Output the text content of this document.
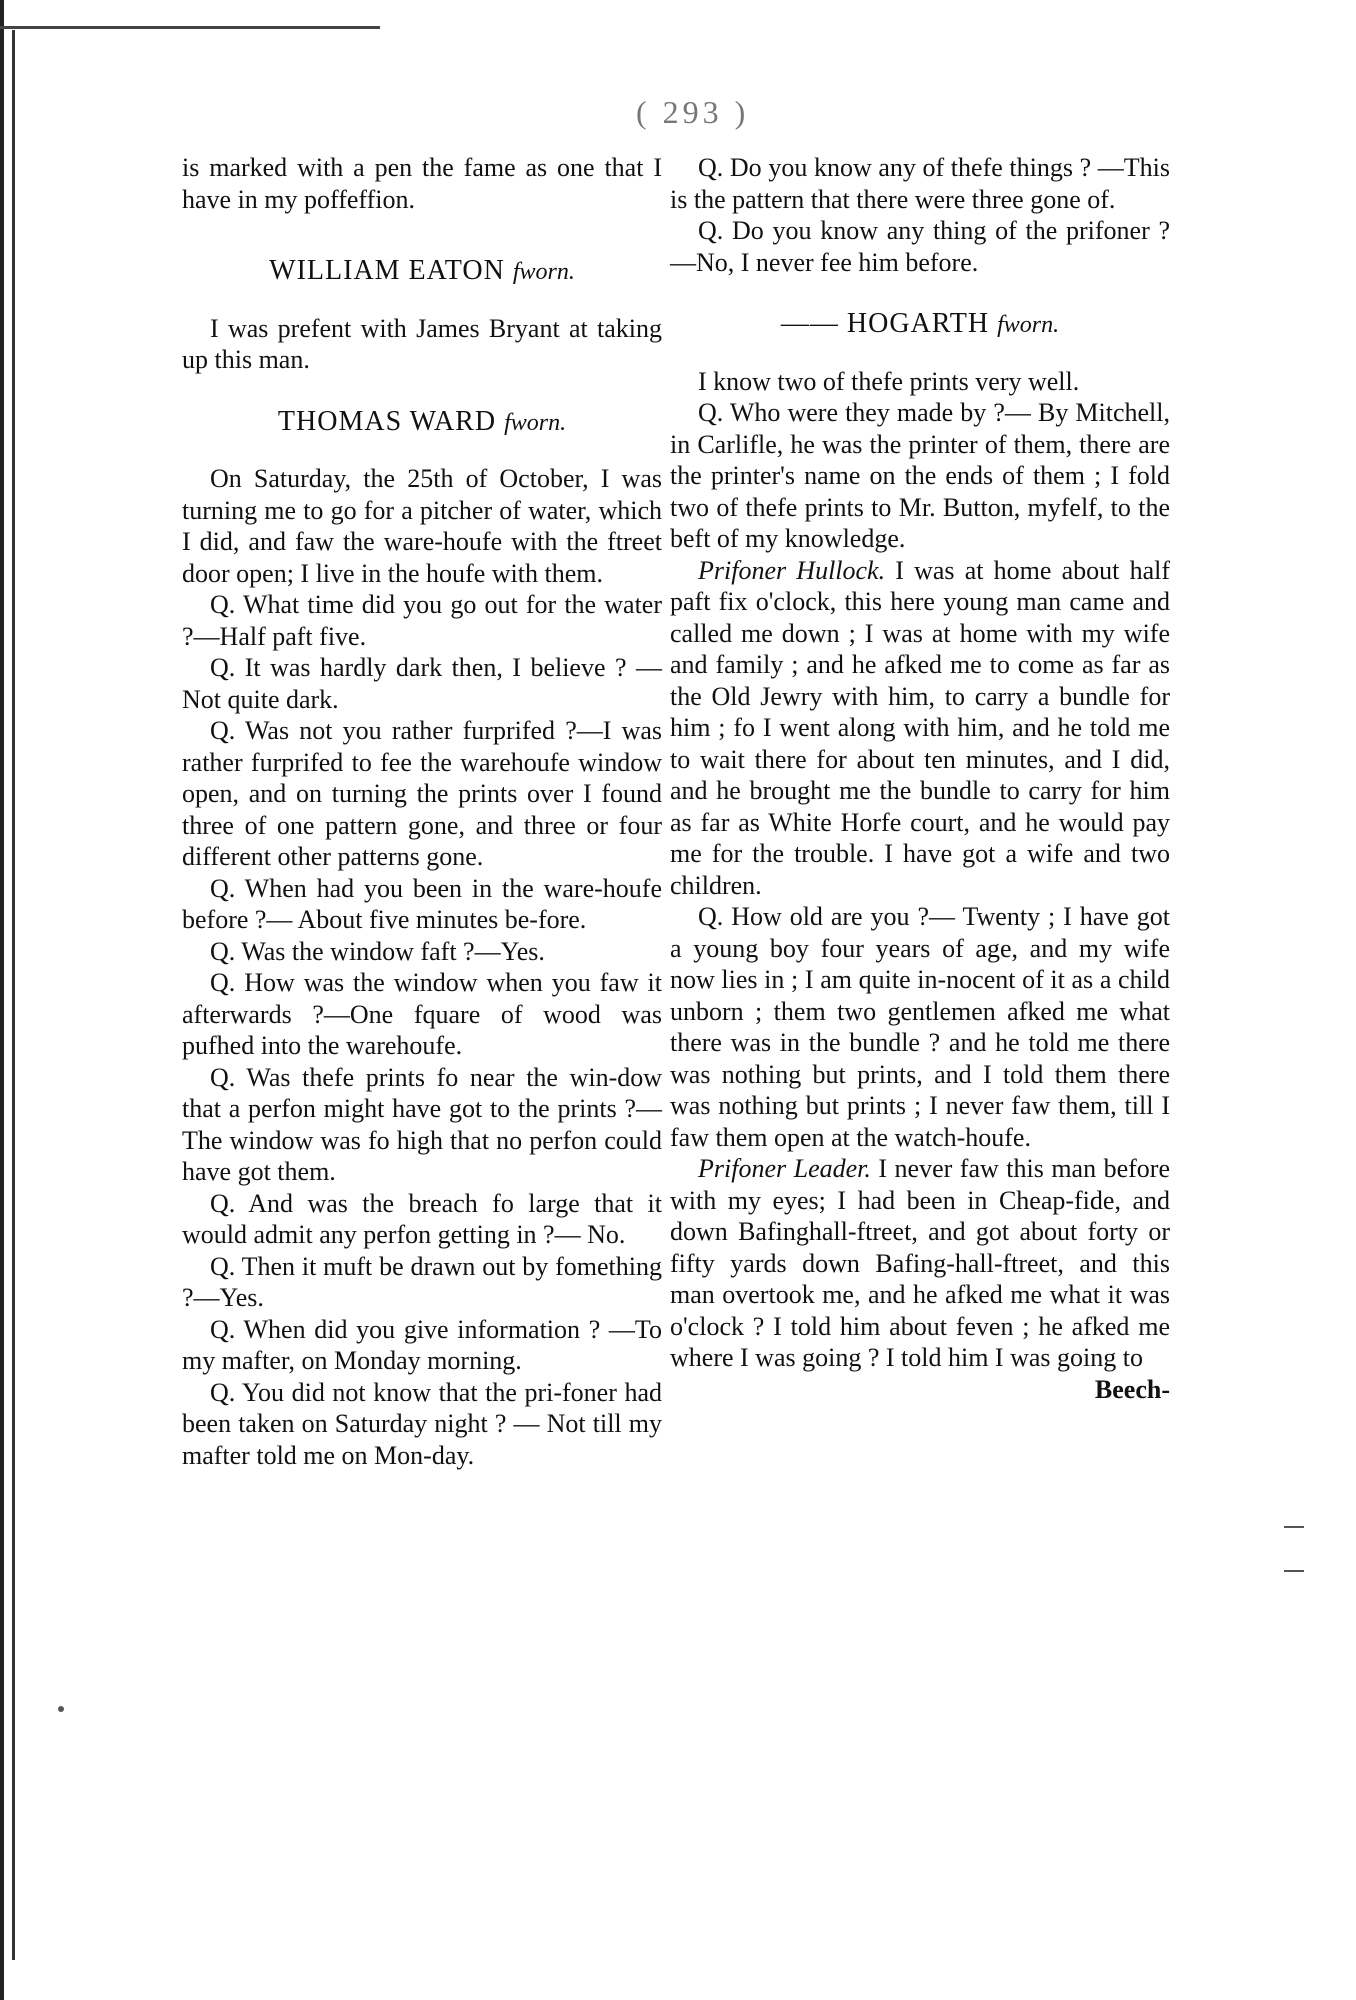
( 293 )

is marked with a pen the fame as one that I have in my poffeffion.

WILLIAM EATON fworn.

I was prefent with James Bryant at taking up this man.

THOMAS WARD fworn.

On Saturday, the 25th of October, I was turning me to go for a pitcher of water, which I did, and faw the ware-houfe with the ftreet door open; I live in the houfe with them.

Q. What time did you go out for the water ?—Half paft five.

Q. It was hardly dark then, I believe ? —Not quite dark.

Q. Was not you rather furprifed ?—I was rather furprifed to fee the warehoufe window open, and on turning the prints over I found three of one pattern gone, and three or four different other patterns gone.

Q. When had you been in the ware-houfe before ?— About five minutes be-fore.

Q. Was the window faft ?—Yes.

Q. How was the window when you faw it afterwards ?—One fquare of wood was pufhed into the warehoufe.

Q. Was thefe prints fo near the win-dow that a perfon might have got to the prints ?— The window was fo high that no perfon could have got them.

Q. And was the breach fo large that it would admit any perfon getting in ?— No.

Q. Then it muft be drawn out by fomething ?—Yes.

Q. When did you give information ? —To my mafter, on Monday morning.

Q. You did not know that the pri-foner had been taken on Saturday night ? — Not till my mafter told me on Mon-day.

Q. Do you know any of thefe things ? —This is the pattern that there were three gone of.

Q. Do you know any thing of the prifoner ?—No, I never fee him before.

—— HOGARTH fworn.

I know two of thefe prints very well.

Q. Who were they made by ?— By Mitchell, in Carlifle, he was the printer of them, there are the printer's name on the ends of them ; I fold two of thefe prints to Mr. Button, myfelf, to the beft of my knowledge.

Prifoner Hullock. I was at home about half paft fix o'clock, this here young man came and called me down ; I was at home with my wife and family ; and he afked me to come as far as the Old Jewry with him, to carry a bundle for him ; fo I went along with him, and he told me to wait there for about ten minutes, and I did, and he brought me the bundle to carry for him as far as White Horfe court, and he would pay me for the trouble. I have got a wife and two children.

Q. How old are you ?— Twenty ; I have got a young boy four years of age, and my wife now lies in ; I am quite in-nocent of it as a child unborn ; them two gentlemen afked me what there was in the bundle ? and he told me there was nothing but prints, and I told them there was nothing but prints ; I never faw them, till I faw them open at the watch-houfe.

Prifoner Leader. I never faw this man before with my eyes; I had been in Cheap-fide, and down Bafinghall-ftreet, and got about forty or fifty yards down Bafing-hall-ftreet, and this man overtook me, and he afked me what it was o'clock ? I told him about feven ; he afked me where I was going ? I told him I was going to

Beech-
